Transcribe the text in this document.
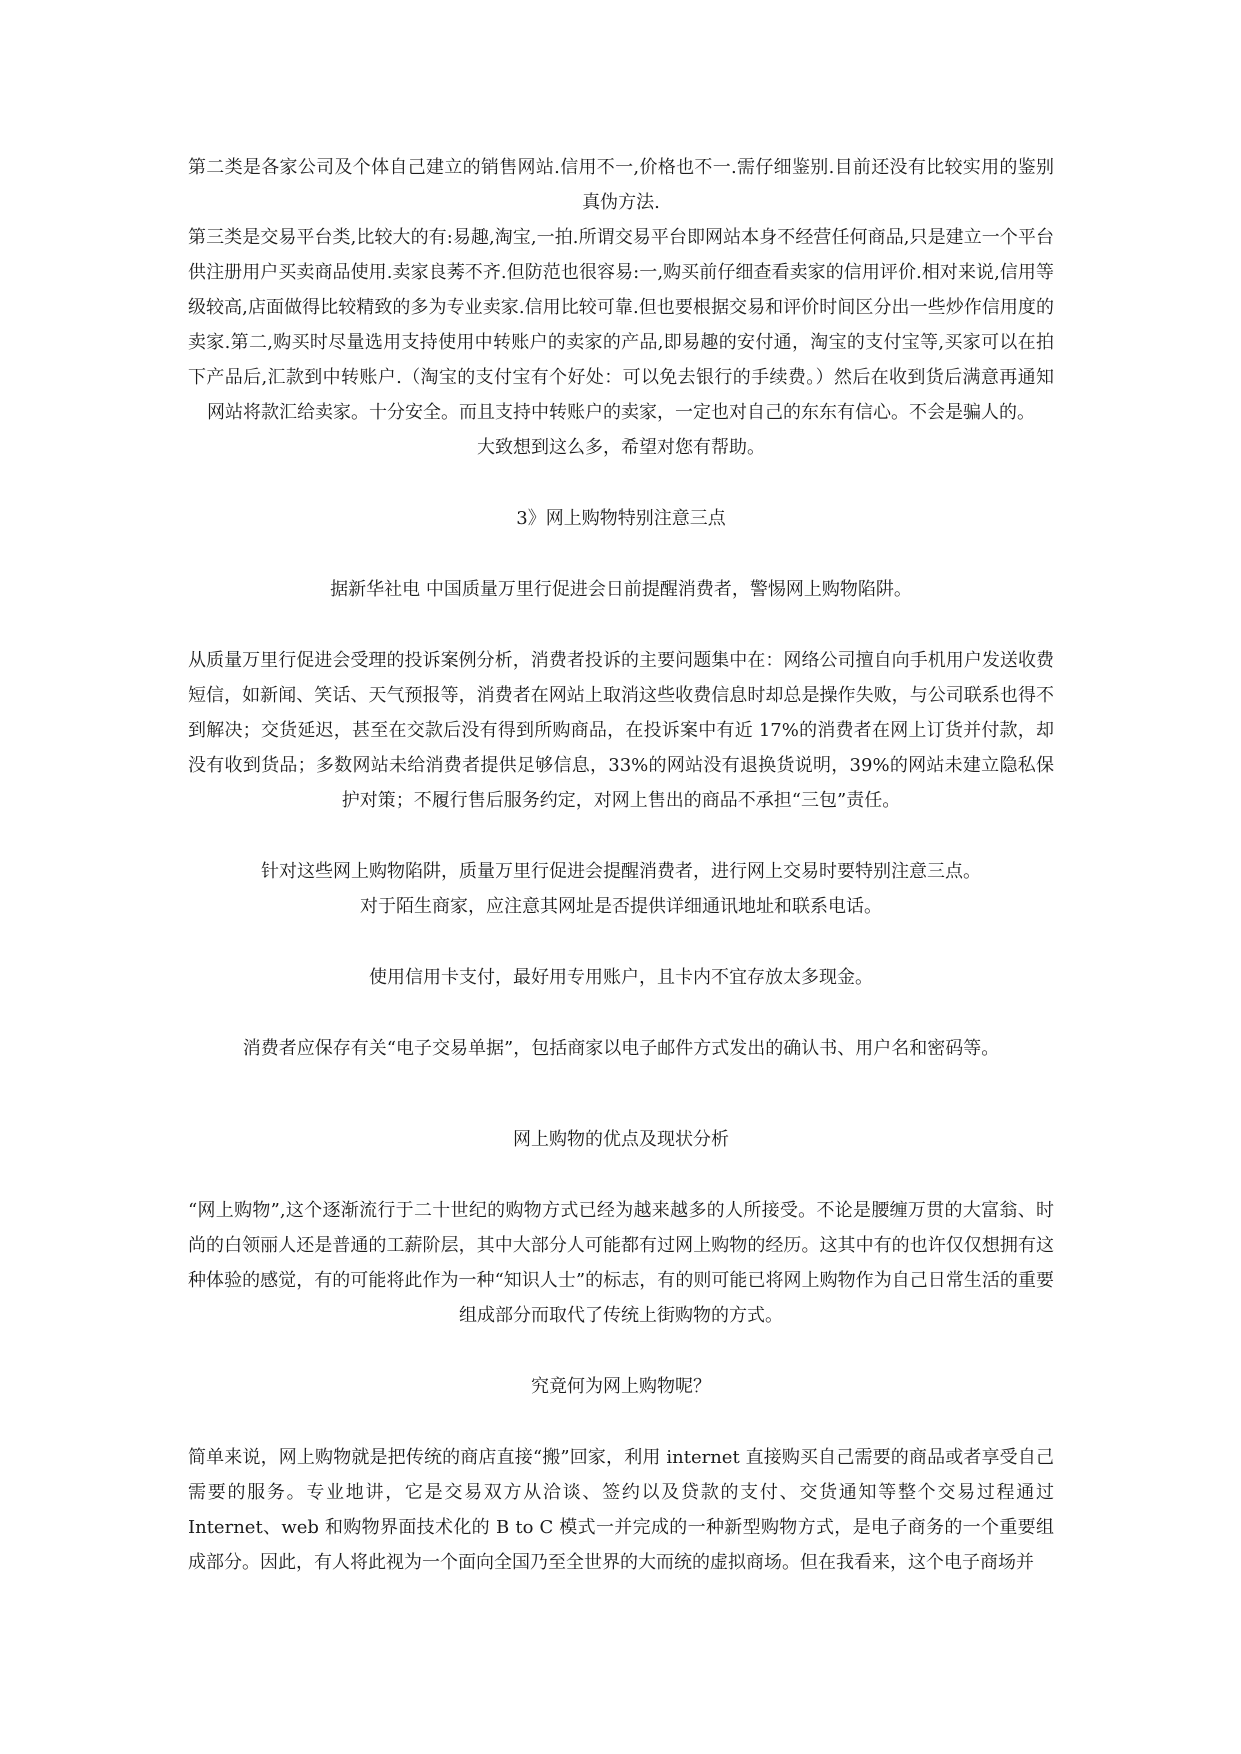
第二类是各家公司及个体自己建立的销售网站.信用不一,价格也不一.需仔细鉴别.目前还没有比较实用的鉴别真伪方法.

第三类是交易平台类,比较大的有:易趣,淘宝,一拍.所谓交易平台即网站本身不经营任何商品,只是建立一个平台供注册用户买卖商品使用.卖家良莠不齐.但防范也很容易:一,购买前仔细查看卖家的信用评价.相对来说,信用等级较高,店面做得比较精致的多为专业卖家.信用比较可靠.但也要根据交易和评价时间区分出一些炒作信用度的卖家.第二,购买时尽量选用支持使用中转账户的卖家的产品,即易趣的安付通，淘宝的支付宝等,买家可以在拍下产品后,汇款到中转账户.（淘宝的支付宝有个好处：可以免去银行的手续费。）然后在收到货后满意再通知网站将款汇给卖家。十分安全。而且支持中转账户的卖家，一定也对自己的东东有信心。不会是骗人的。

大致想到这么多，希望对您有帮助。

3》网上购物特别注意三点

据新华社电 中国质量万里行促进会日前提醒消费者，警惕网上购物陷阱。

从质量万里行促进会受理的投诉案例分析，消费者投诉的主要问题集中在：网络公司擅自向手机用户发送收费短信，如新闻、笑话、天气预报等，消费者在网站上取消这些收费信息时却总是操作失败，与公司联系也得不到解决；交货延迟，甚至在交款后没有得到所购商品，在投诉案中有近 17%的消费者在网上订货并付款，却没有收到货品；多数网站未给消费者提供足够信息，33%的网站没有退换货说明，39%的网站未建立隐私保护对策；不履行售后服务约定，对网上售出的商品不承担“三包”责任。

针对这些网上购物陷阱，质量万里行促进会提醒消费者，进行网上交易时要特别注意三点。

对于陌生商家，应注意其网址是否提供详细通讯地址和联系电话。

使用信用卡支付，最好用专用账户，且卡内不宜存放太多现金。

消费者应保存有关“电子交易单据”，包括商家以电子邮件方式发出的确认书、用户名和密码等。

网上购物的优点及现状分析

“网上购物”,这个逐渐流行于二十世纪的购物方式已经为越来越多的人所接受。不论是腰缠万贯的大富翁、时尚的白领丽人还是普通的工薪阶层，其中大部分人可能都有过网上购物的经历。这其中有的也许仅仅想拥有这种体验的感觉，有的可能将此作为一种“知识人士”的标志，有的则可能已将网上购物作为自己日常生活的重要组成部分而取代了传统上街购物的方式。

究竟何为网上购物呢？

简单来说，网上购物就是把传统的商店直接“搬”回家，利用 internet 直接购买自己需要的商品或者享受自己需要的服务。专业地讲，它是交易双方从洽谈、签约以及贷款的支付、交货通知等整个交易过程通过 Internet、web 和购物界面技术化的 B to C 模式一并完成的一种新型购物方式，是电子商务的一个重要组成部分。因此，有人将此视为一个面向全国乃至全世界的大而统的虚拟商场。但在我看来，这个电子商场并
